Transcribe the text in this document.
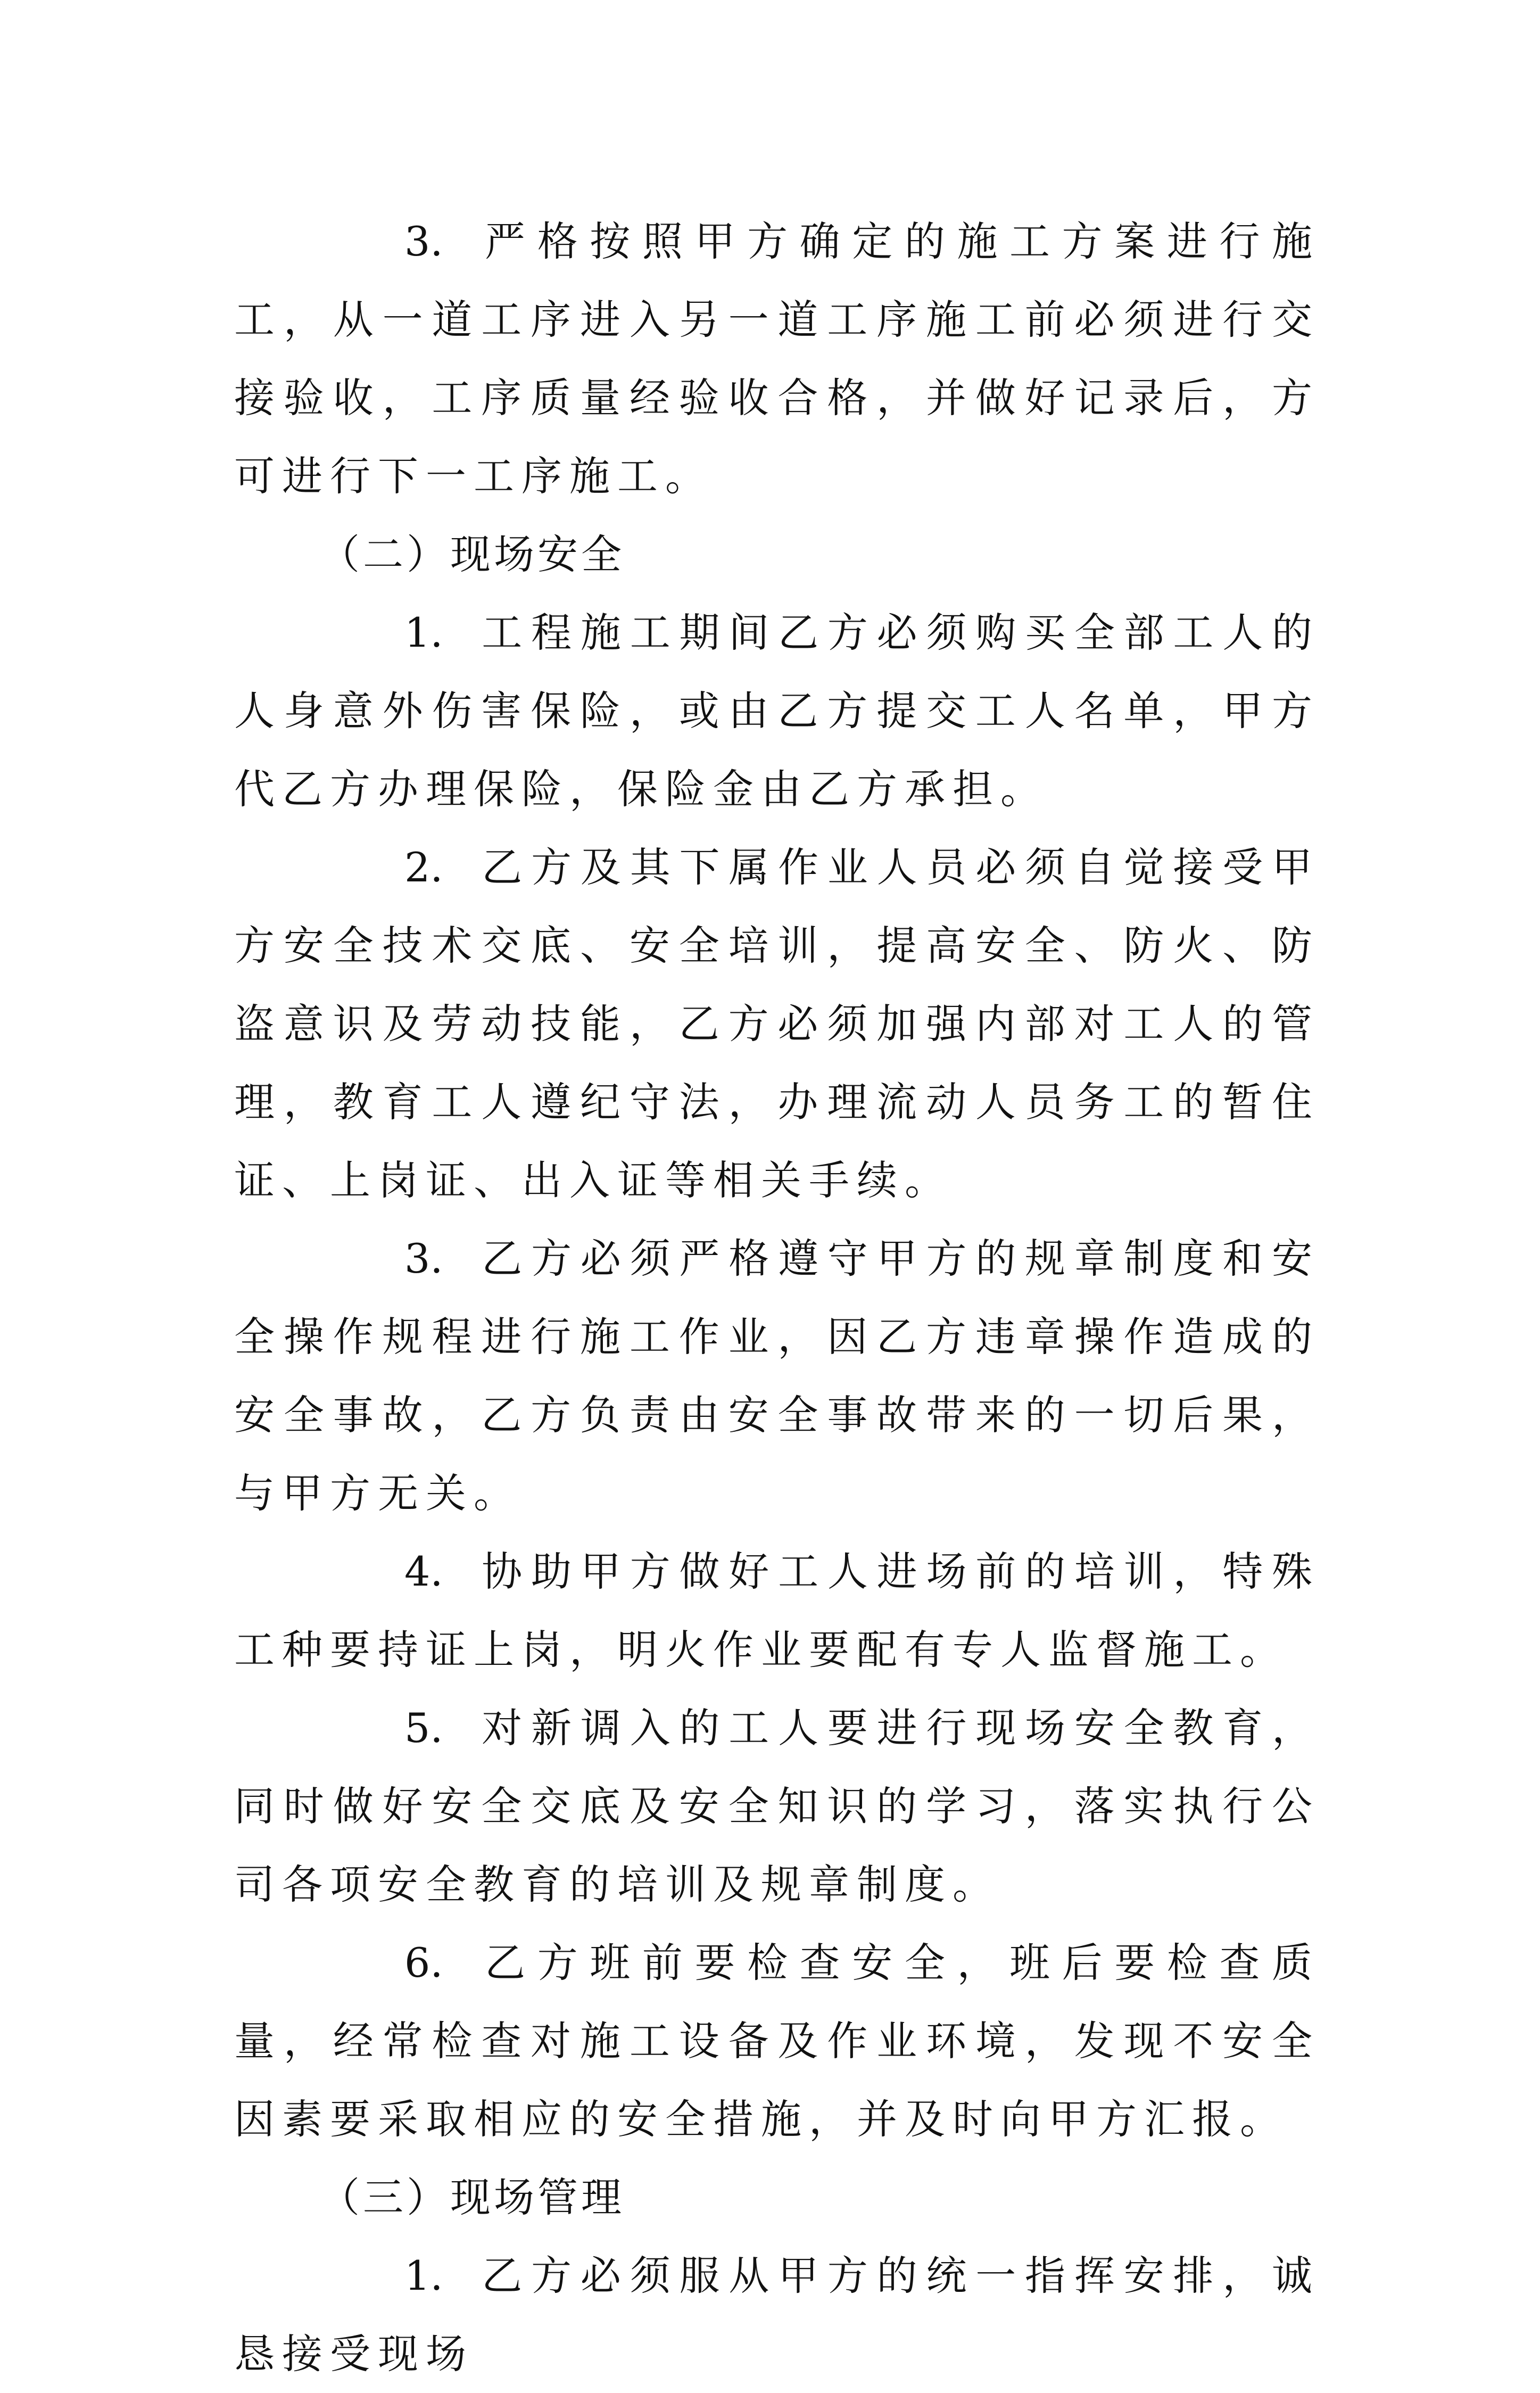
3. 严格按照甲方确定的施工方案进行施工，从一道工序进入另一道工序施工前必须进行交接验收，工序质量经验收合格，并做好记录后，方可进行下一工序施工。

（二）现场安全

1. 工程施工期间乙方必须购买全部工人的人身意外伤害保险，或由乙方提交工人名单，甲方代乙方办理保险，保险金由乙方承担。

2. 乙方及其下属作业人员必须自觉接受甲方安全技术交底、安全培训，提高安全、防火、防盗意识及劳动技能，乙方必须加强内部对工人的管理，教育工人遵纪守法，办理流动人员务工的暂住证、上岗证、出入证等相关手续。

3. 乙方必须严格遵守甲方的规章制度和安全操作规程进行施工作业，因乙方违章操作造成的安全事故，乙方负责由安全事故带来的一切后果，与甲方无关。

4. 协助甲方做好工人进场前的培训，特殊工种要持证上岗，明火作业要配有专人监督施工。

5. 对新调入的工人要进行现场安全教育，同时做好安全交底及安全知识的学习，落实执行公司各项安全教育的培训及规章制度。

6. 乙方班前要检查安全，班后要检查质量，经常检查对施工设备及作业环境，发现不安全因素要采取相应的安全措施，并及时向甲方汇报。

（三）现场管理

1. 乙方必须服从甲方的统一指挥安排，诚恳接受现场
